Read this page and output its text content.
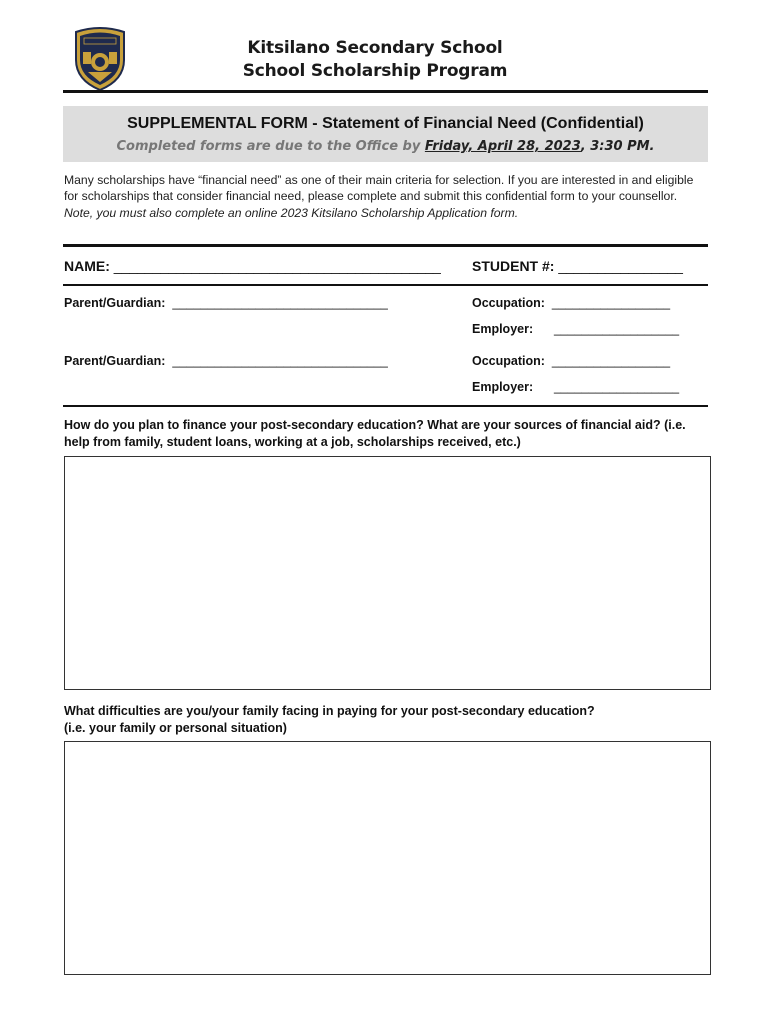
Kitsilano Secondary School
School Scholarship Program
SUPPLEMENTAL FORM - Statement of Financial Need (Confidential)
Completed forms are due to the Office by Friday, April 28, 2023, 3:30 PM.
Many scholarships have “financial need” as one of their main criteria for selection. If you are interested in and eligible for scholarships that consider financial need, please complete and submit this confidential form to your counsellor. Note, you must also complete an online 2023 Kitsilano Scholarship Application form.
NAME: __________________________________________ STUDENT #: ________________
Parent/Guardian: _______________________________	Occupation: _________________
Employer: __________________
Parent/Guardian: _______________________________	Occupation: _________________
Employer: __________________
How do you plan to finance your post-secondary education? What are your sources of financial aid? (i.e. help from family, student loans, working at a job, scholarships received, etc.)
What difficulties are you/your family facing in paying for your post-secondary education?
(i.e. your family or personal situation)
